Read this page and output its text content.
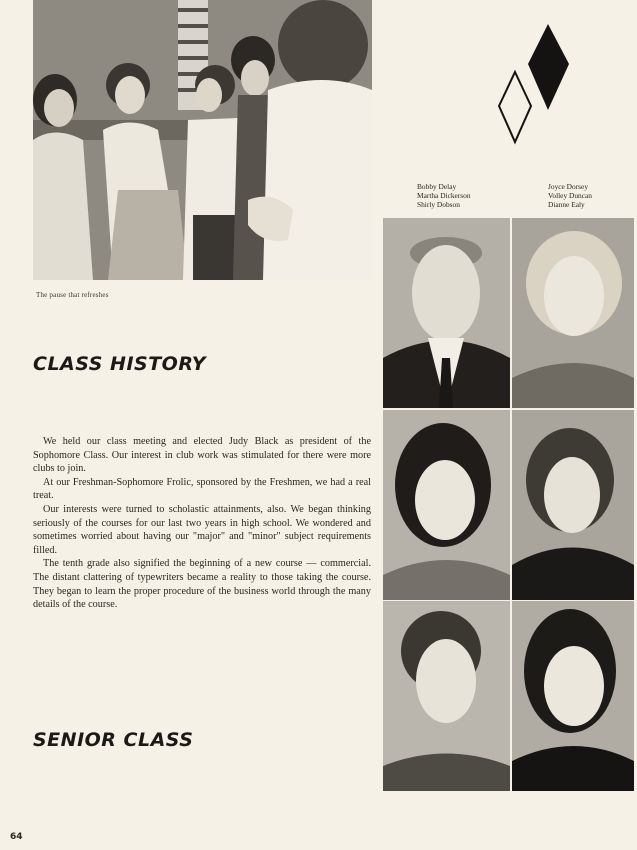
The pause that refreshes
CLASS HISTORY

We held our class meeting and elected Judy Black as president of the Sophomore Class. Our interest in club work was stimulated for there were more clubs to join.

At our Freshman-Sophomore Frolic, sponsored by the Freshmen, we had a real treat.

Our interests were turned to scholastic attainments, also. We began thinking seriously of the courses for our last two years in high school. We wondered and sometimes worried about having our "major" and "minor" subject requirements filled.

The tenth grade also signified the beginning of a new course — commercial. The distant clattering of typewriters became a reality to those taking the course. They began to learn the proper procedure of the business world through the many details of the course.

SENIOR CLASS
Bobby Delay
Martha Dickerson
Shirly Dobson
Joyce Dorsey
Volley Duncan
Dianne Ealy
64
